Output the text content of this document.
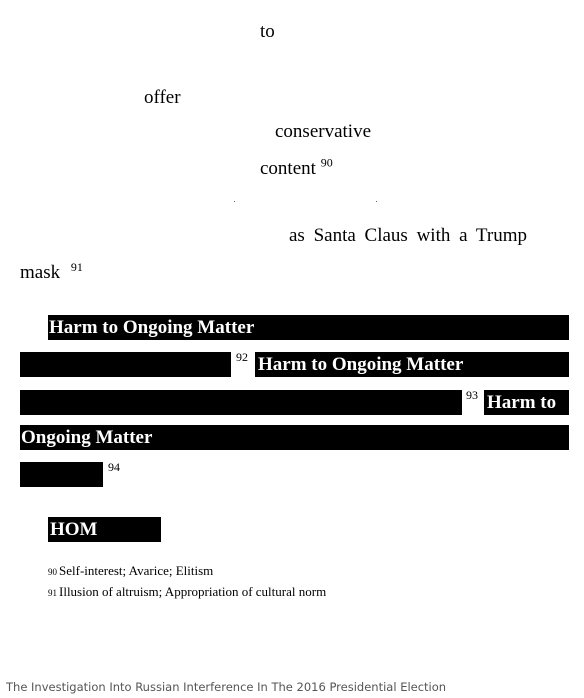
to
offer
conservative
content $^{90}$
as Santa Claus with a Trump
mask $^{91}$
Harm to Ongoing Matter
92 Harm to Ongoing Matter
93 Harm to
Ongoing Matter
94
HOM
90 Self-interest; Avarice; Elitism
91 Illusion of altruism; Appropriation of cultural norm
The Investigation Into Russian Interference In The 2016 Presidential Election
